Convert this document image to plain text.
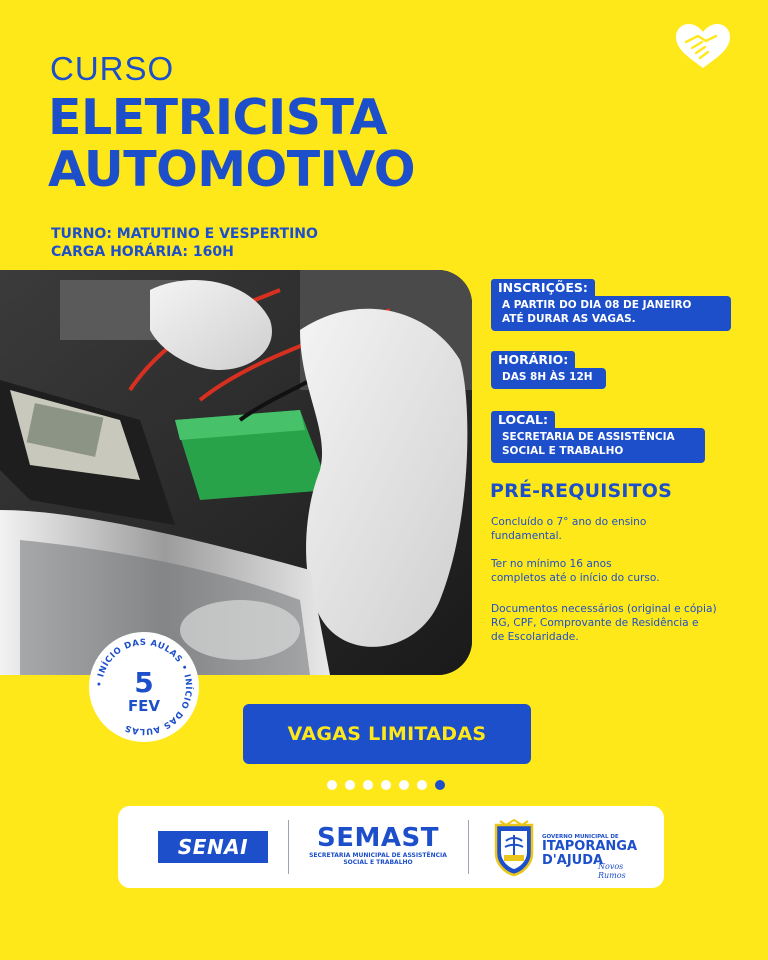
CURSO
ELETRICISTA
AUTOMOTIVO
TURNO: MATUTINO E VESPERTINO
CARGA HORÁRIA: 160H
INSCRIÇÕES:
A PARTIR DO DIA 08 DE JANEIRO
ATÉ DURAR AS VAGAS.
HORÁRIO:
DAS 8H ÀS 12H
LOCAL:
SECRETARIA DE ASSISTÊNCIA
SOCIAL E TRABALHO
PRÉ-REQUISITOS
Concluído o 7° ano do ensino
fundamental.
Ter no mínimo 16 anos
completos até o início do curso.
Documentos necessários (original e cópia)
RG, CPF, Comprovante de Residência e
de Escolaridade.
• INÍCIO DAS AULAS • INÍCIO DAS AULAS
5
FEV
VAGAS LIMITADAS
SENAI	SEMAST
SECRETARIA MUNICIPAL DE ASSISTÊNCIA
SOCIAL E TRABALHO
GOVERNO MUNICIPAL DE
ITAPORANGA
D'AJUDA
Novos Rumos
